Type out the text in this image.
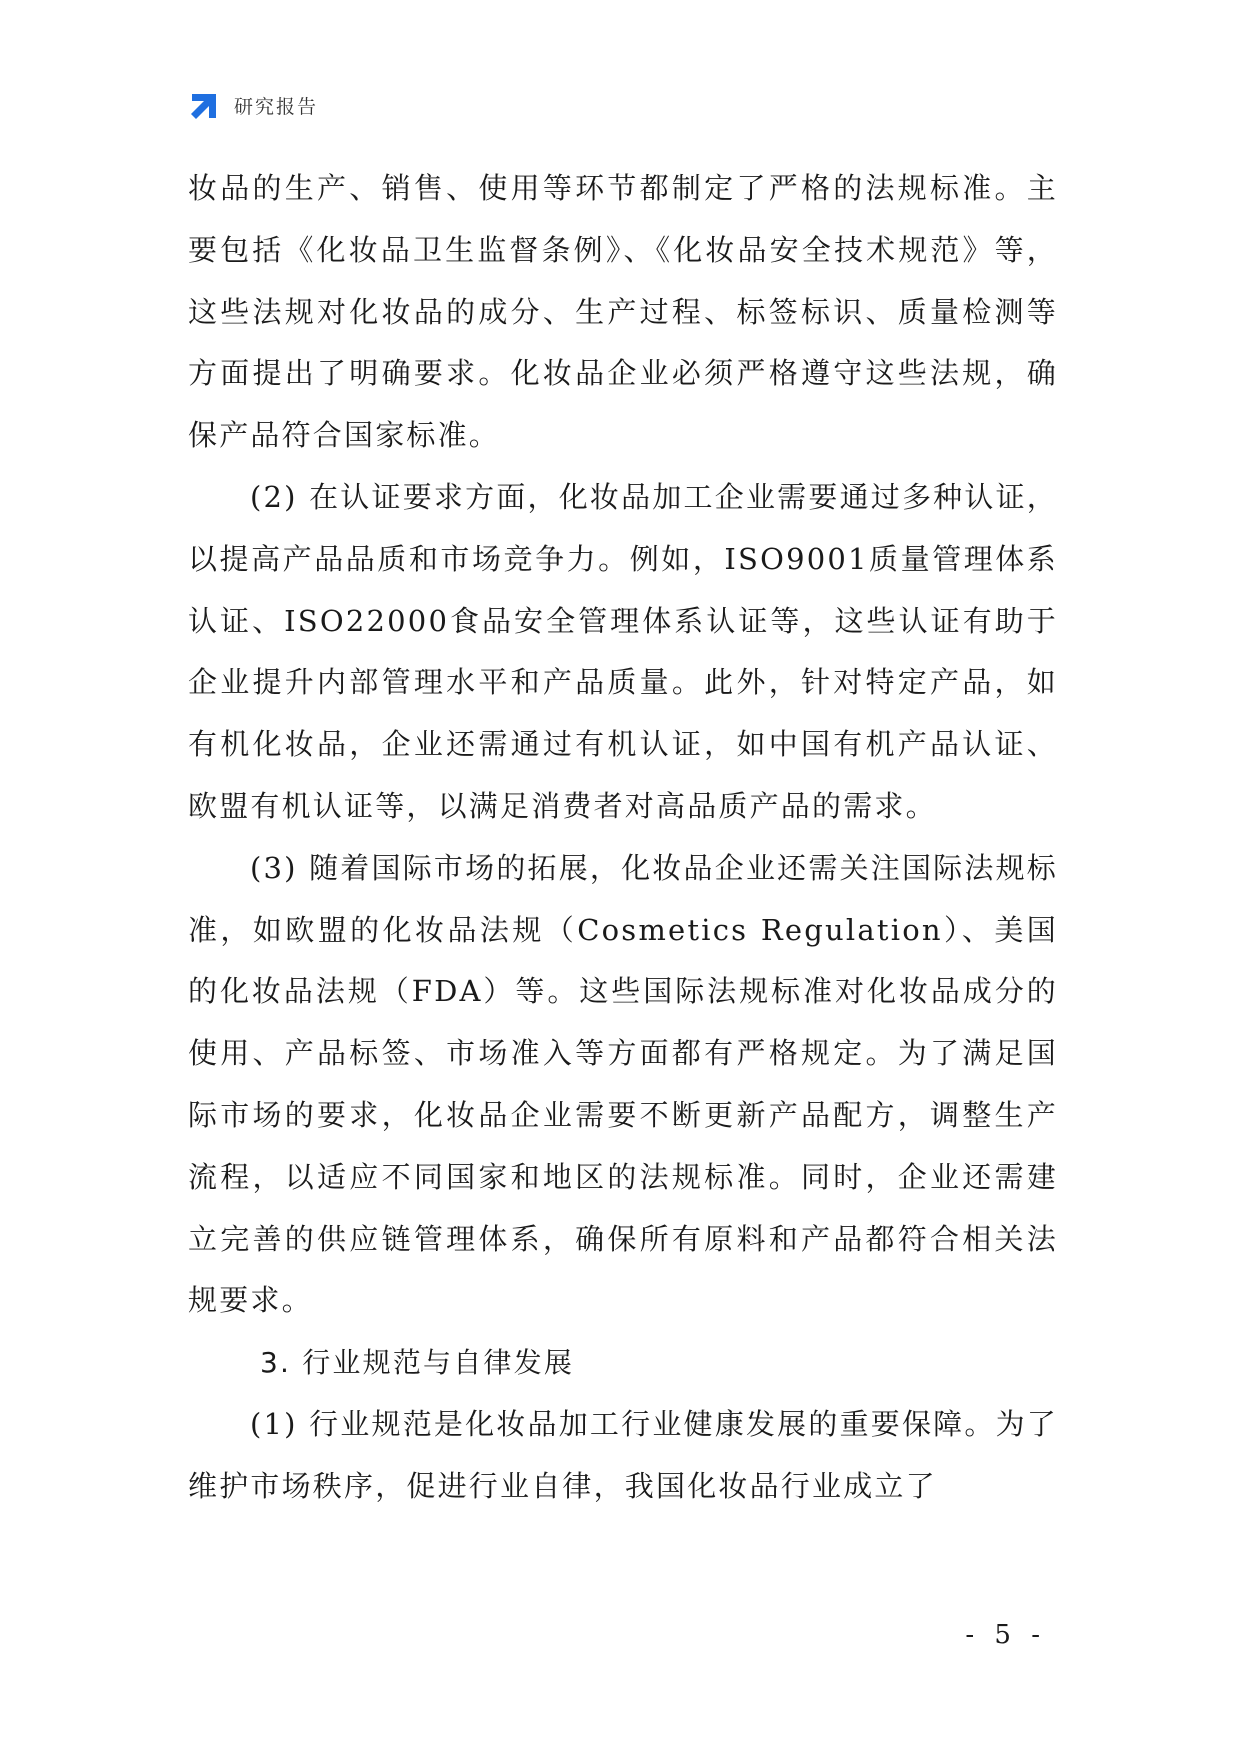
研究报告

妆品的生产、销售、使用等环节都制定了严格的法规标准。主要包括《化妆品卫生监督条例》、《化妆品安全技术规范》等，这些法规对化妆品的成分、生产过程、标签标识、质量检测等方面提出了明确要求。化妆品企业必须严格遵守这些法规，确保产品符合国家标准。

(2) 在认证要求方面，化妆品加工企业需要通过多种认证，以提高产品品质和市场竞争力。例如，ISO9001质量管理体系认证、ISO22000食品安全管理体系认证等，这些认证有助于企业提升内部管理水平和产品质量。此外，针对特定产品，如有机化妆品，企业还需通过有机认证，如中国有机产品认证、欧盟有机认证等，以满足消费者对高品质产品的需求。

(3) 随着国际市场的拓展，化妆品企业还需关注国际法规标准，如欧盟的化妆品法规（Cosmetics Regulation）、美国的化妆品法规（FDA）等。这些国际法规标准对化妆品成分的使用、产品标签、市场准入等方面都有严格规定。为了满足国际市场的要求，化妆品企业需要不断更新产品配方，调整生产流程，以适应不同国家和地区的法规标准。同时，企业还需建立完善的供应链管理体系，确保所有原料和产品都符合相关法规要求。

3. 行业规范与自律发展

(1) 行业规范是化妆品加工行业健康发展的重要保障。为了维护市场秩序，促进行业自律，我国化妆品行业成立了

- 5 -
